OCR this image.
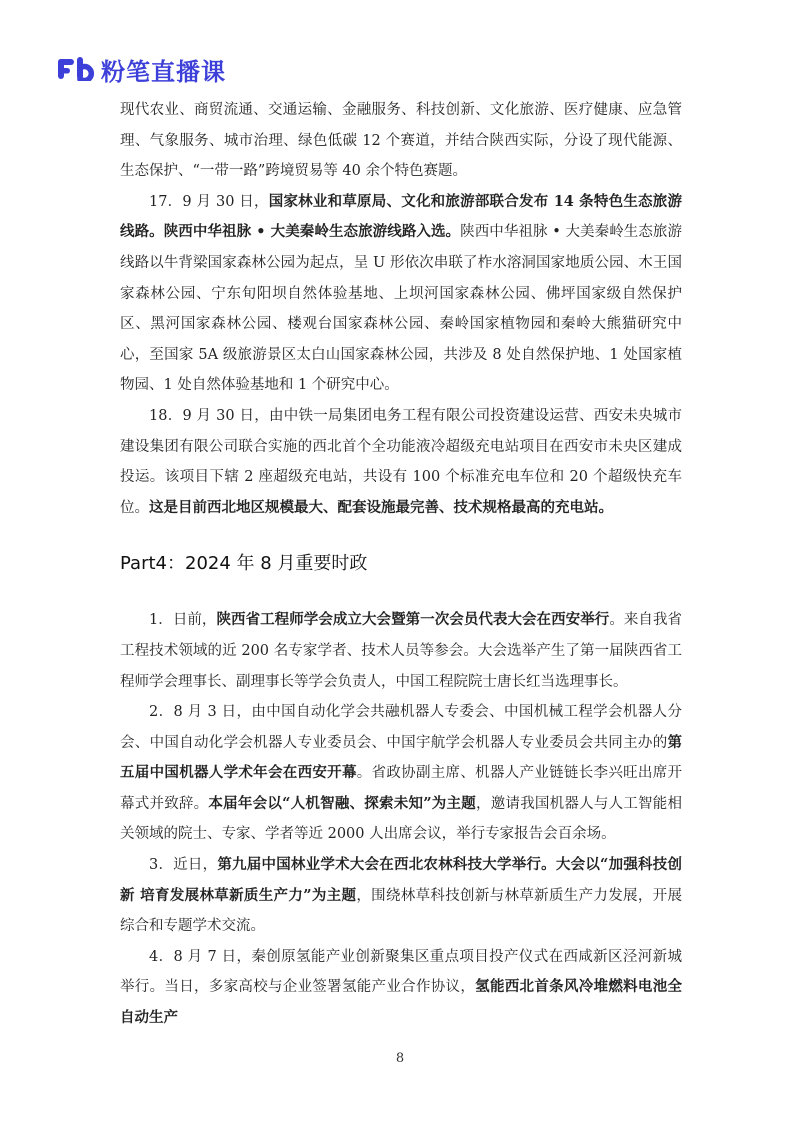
粉笔直播课

现代农业、商贸流通、交通运输、金融服务、科技创新、文化旅游、医疗健康、应急管理、气象服务、城市治理、绿色低碳 12 个赛道，并结合陕西实际，分设了现代能源、生态保护、“一带一路”跨境贸易等 40 余个特色赛题。

17．9 月 30 日，国家林业和草原局、文化和旅游部联合发布 14 条特色生态旅游线路。陕西中华祖脉 • 大美秦岭生态旅游线路入选。陕西中华祖脉 • 大美秦岭生态旅游线路以牛背梁国家森林公园为起点，呈 U 形依次串联了柞水溶洞国家地质公园、木王国家森林公园、宁东旬阳坝自然体验基地、上坝河国家森林公园、佛坪国家级自然保护区、黑河国家森林公园、楼观台国家森林公园、秦岭国家植物园和秦岭大熊猫研究中心，至国家 5A 级旅游景区太白山国家森林公园，共涉及 8 处自然保护地、1 处国家植物园、1 处自然体验基地和 1 个研究中心。

18．9 月 30 日，由中铁一局集团电务工程有限公司投资建设运营、西安未央城市建设集团有限公司联合实施的西北首个全功能液冷超级充电站项目在西安市未央区建成投运。该项目下辖 2 座超级充电站，共设有 100 个标准充电车位和 20 个超级快充车位。这是目前西北地区规模最大、配套设施最完善、技术规格最高的充电站。

Part4：2024 年 8 月重要时政

1．日前，陕西省工程师学会成立大会暨第一次会员代表大会在西安举行。来自我省工程技术领域的近 200 名专家学者、技术人员等参会。大会选举产生了第一届陕西省工程师学会理事长、副理事长等学会负责人，中国工程院院士唐长红当选理事长。

2．8 月 3 日，由中国自动化学会共融机器人专委会、中国机械工程学会机器人分会、中国自动化学会机器人专业委员会、中国宇航学会机器人专业委员会共同主办的第五届中国机器人学术年会在西安开幕。省政协副主席、机器人产业链链长李兴旺出席开幕式并致辞。本届年会以“人机智融、探索未知”为主题，邀请我国机器人与人工智能相关领域的院士、专家、学者等近 2000 人出席会议，举行专家报告会百余场。

3．近日，第九届中国林业学术大会在西北农林科技大学举行。大会以“加强科技创新 培育发展林草新质生产力”为主题，围绕林草科技创新与林草新质生产力发展，开展综合和专题学术交流。

4．8 月 7 日，秦创原氢能产业创新聚集区重点项目投产仪式在西咸新区泾河新城举行。当日，多家高校与企业签署氢能产业合作协议，氢能西北首条风冷堆燃料电池全自动生产

8
